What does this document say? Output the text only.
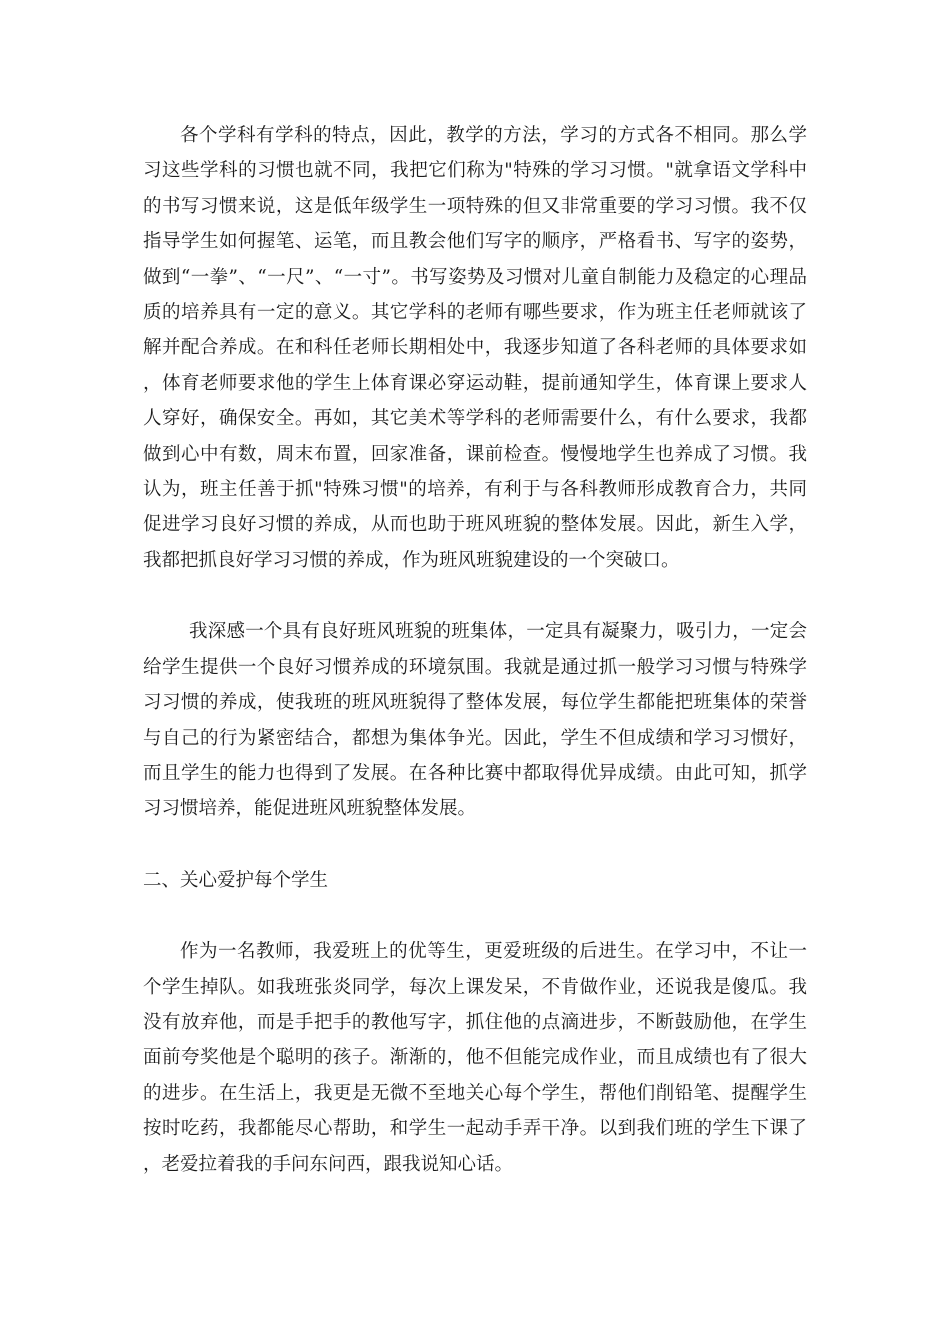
各个学科有学科的特点，因此，教学的方法，学习的方式各不相同。那么学习这些学科的习惯也就不同，我把它们称为"特殊的学习习惯。"就拿语文学科中的书写习惯来说，这是低年级学生一项特殊的但又非常重要的学习习惯。我不仅指导学生如何握笔、运笔，而且教会他们写字的顺序，严格看书、写字的姿势，做到“一拳”、“一尺”、“一寸”。书写姿势及习惯对儿童自制能力及稳定的心理品质的培养具有一定的意义。其它学科的老师有哪些要求，作为班主任老师就该了解并配合养成。在和科任老师长期相处中，我逐步知道了各科老师的具体要求如，体育老师要求他的学生上体育课必穿运动鞋，提前通知学生，体育课上要求人人穿好，确保安全。再如，其它美术等学科的老师需要什么，有什么要求，我都做到心中有数，周末布置，回家准备，课前检查。慢慢地学生也养成了习惯。我认为，班主任善于抓"特殊习惯"的培养，有利于与各科教师形成教育合力，共同促进学习良好习惯的养成，从而也助于班风班貌的整体发展。因此，新生入学，我都把抓良好学习习惯的养成，作为班风班貌建设的一个突破口。

我深感一个具有良好班风班貌的班集体，一定具有凝聚力，吸引力，一定会给学生提供一个良好习惯养成的环境氛围。我就是通过抓一般学习习惯与特殊学习习惯的养成，使我班的班风班貌得了整体发展，每位学生都能把班集体的荣誉与自己的行为紧密结合，都想为集体争光。因此，学生不但成绩和学习习惯好，而且学生的能力也得到了发展。在各种比赛中都取得优异成绩。由此可知，抓学习习惯培养，能促进班风班貌整体发展。

二、关心爱护每个学生

作为一名教师，我爱班上的优等生，更爱班级的后进生。在学习中，不让一个学生掉队。如我班张炎同学，每次上课发呆，不肯做作业，还说我是傻瓜。我没有放弃他，而是手把手的教他写字，抓住他的点滴进步，不断鼓励他，在学生面前夸奖他是个聪明的孩子。渐渐的，他不但能完成作业，而且成绩也有了很大的进步。在生活上，我更是无微不至地关心每个学生，帮他们削铅笔、提醒学生按时吃药，我都能尽心帮助，和学生一起动手弄干净。以到我们班的学生下课了，老爱拉着我的手问东问西，跟我说知心话。
